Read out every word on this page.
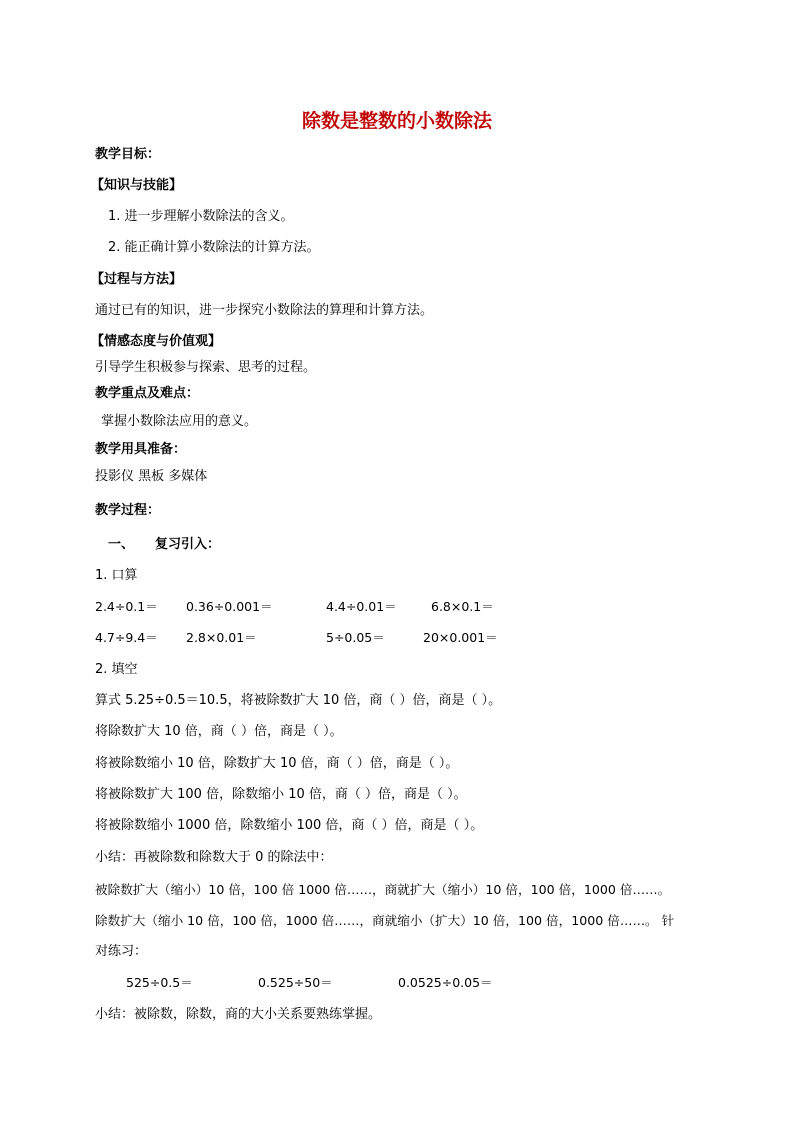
除数是整数的小数除法
教学目标：
【知识与技能】
1. 进一步理解小数除法的含义。
2. 能正确计算小数除法的计算方法。
【过程与方法】
通过已有的知识，进一步探究小数除法的算理和计算方法。
【情感态度与价值观】
引导学生积极参与探索、思考的过程。
教学重点及难点：
掌握小数除法应用的意义。
教学用具准备：
投影仪 黑板 多媒体
教学过程：
一、 复习引入：
1. 口算
2.4÷0.1＝ 0.36÷0.001＝	4.4÷0.01＝	6.8×0.1＝
4.7÷9.4＝ 2.8×0.01＝	5÷0.05＝	20×0.001＝
2. 填空
算式 5.25÷0.5＝10.5，将被除数扩大 10 倍，商（ ）倍，商是（ ）。
将除数扩大 10 倍，商（ ）倍，商是（ ）。
将被除数缩小 10 倍，除数扩大 10 倍，商（ ）倍，商是（ ）。
将被除数扩大 100 倍，除数缩小 10 倍，商（ ）倍，商是（ ）。
将被除数缩小 1000 倍，除数缩小 100 倍，商（ ）倍，商是（ ）。
小结：再被除数和除数大于 0 的除法中：
被除数扩大（缩小）10 倍，100 倍 1000 倍……，商就扩大（缩小）10 倍，100 倍，1000 倍……。
除数扩大（缩小 10 倍，100 倍，1000 倍……，商就缩小（扩大）10 倍，100 倍，1000 倍……。 针
对练习：
525÷0.5＝	0.525÷50＝	0.0525÷0.05＝
小结：被除数，除数，商的大小关系要熟练掌握。
